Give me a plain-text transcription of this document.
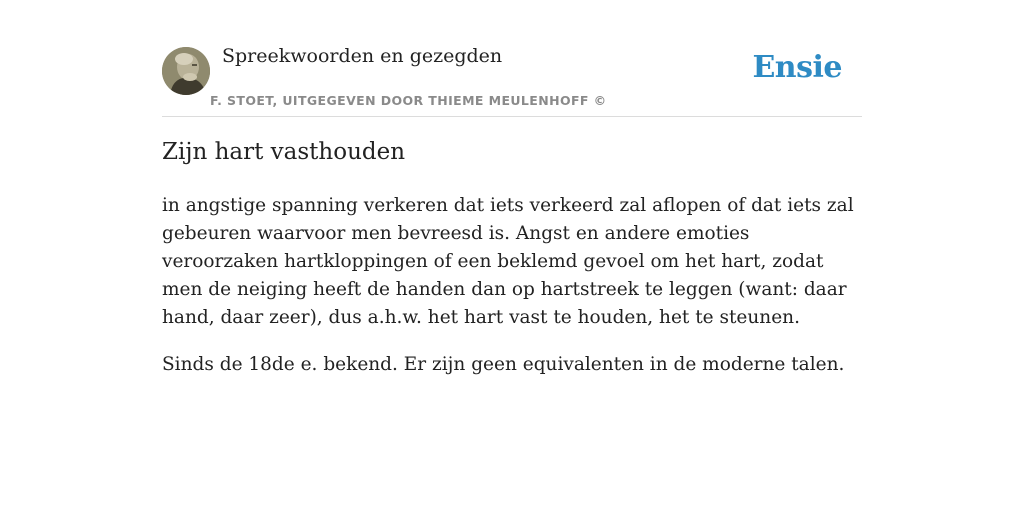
Spreekwoorden en gezegden
F. STOET, UITGEGEVEN DOOR THIEME MEULENHOFF ©
Ensie
Zijn hart vasthouden

in angstige spanning verkeren dat iets verkeerd zal aflopen of dat iets zal gebeuren waarvoor men bevreesd is. Angst en andere emoties veroorzaken hartkloppingen of een beklemd gevoel om het hart, zodat men de neiging heeft de handen dan op hartstreek te leggen (want: daar hand, daar zeer), dus a.h.w. het hart vast te houden, het te steunen.

Sinds de 18de e. bekend. Er zijn geen equivalenten in de moderne talen.
